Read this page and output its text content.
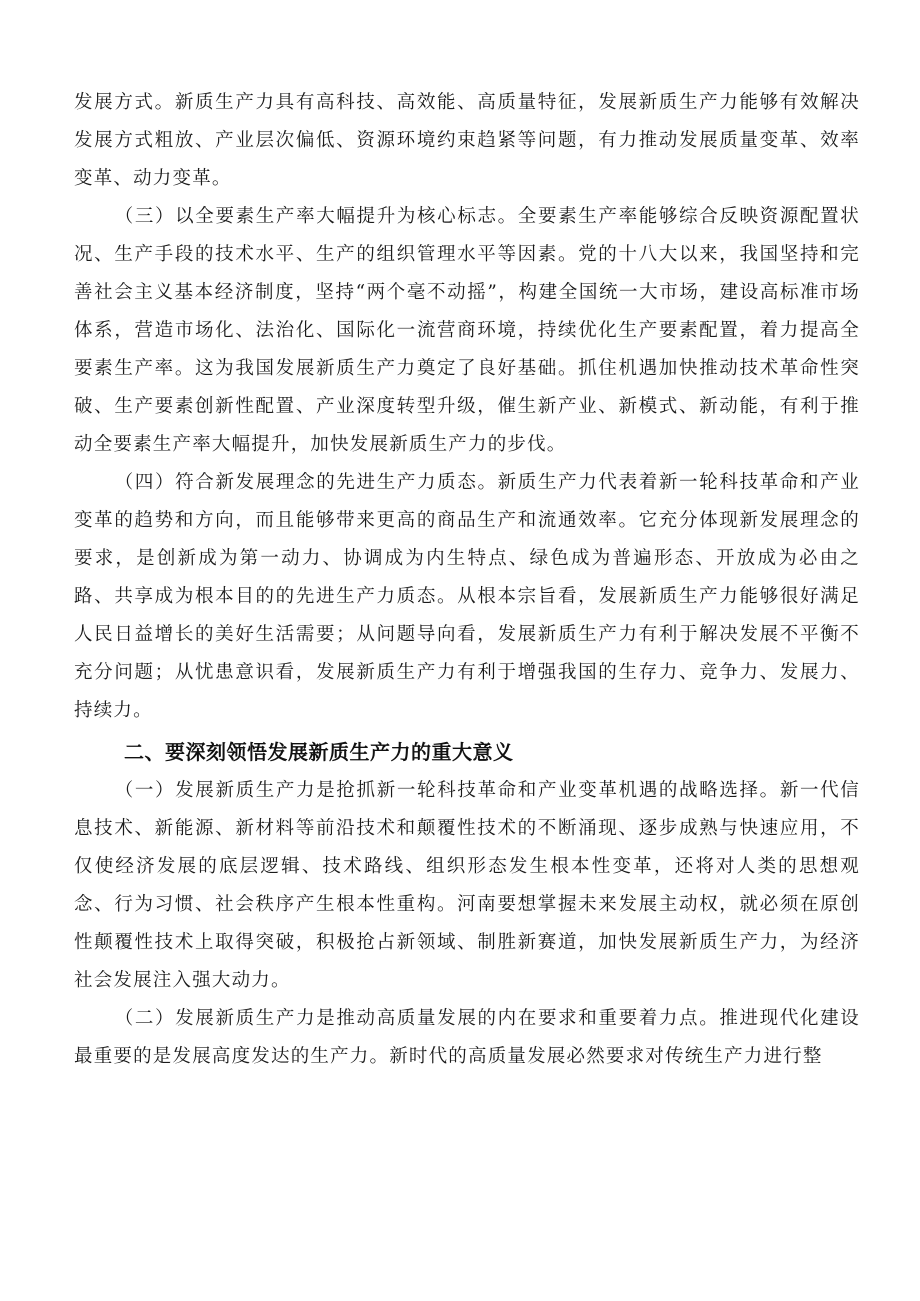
发展方式。新质生产力具有高科技、高效能、高质量特征，发展新质生产力能够有效解决发展方式粗放、产业层次偏低、资源环境约束趋紧等问题，有力推动发展质量变革、效率变革、动力变革。

（三）以全要素生产率大幅提升为核心标志。全要素生产率能够综合反映资源配置状况、生产手段的技术水平、生产的组织管理水平等因素。党的十八大以来，我国坚持和完善社会主义基本经济制度，坚持“两个毫不动摇”，构建全国统一大市场，建设高标准市场体系，营造市场化、法治化、国际化一流营商环境，持续优化生产要素配置，着力提高全要素生产率。这为我国发展新质生产力奠定了良好基础。抓住机遇加快推动技术革命性突破、生产要素创新性配置、产业深度转型升级，催生新产业、新模式、新动能，有利于推动全要素生产率大幅提升，加快发展新质生产力的步伐。

（四）符合新发展理念的先进生产力质态。新质生产力代表着新一轮科技革命和产业变革的趋势和方向，而且能够带来更高的商品生产和流通效率。它充分体现新发展理念的要求，是创新成为第一动力、协调成为内生特点、绿色成为普遍形态、开放成为必由之路、共享成为根本目的的先进生产力质态。从根本宗旨看，发展新质生产力能够很好满足人民日益增长的美好生活需要；从问题导向看，发展新质生产力有利于解决发展不平衡不充分问题；从忧患意识看，发展新质生产力有利于增强我国的生存力、竞争力、发展力、持续力。

二、要深刻领悟发展新质生产力的重大意义

（一）发展新质生产力是抢抓新一轮科技革命和产业变革机遇的战略选择。新一代信息技术、新能源、新材料等前沿技术和颠覆性技术的不断涌现、逐步成熟与快速应用，不仅使经济发展的底层逻辑、技术路线、组织形态发生根本性变革，还将对人类的思想观念、行为习惯、社会秩序产生根本性重构。河南要想掌握未来发展主动权，就必须在原创性颠覆性技术上取得突破，积极抢占新领域、制胜新赛道，加快发展新质生产力，为经济社会发展注入强大动力。

（二）发展新质生产力是推动高质量发展的内在要求和重要着力点。推进现代化建设最重要的是发展高度发达的生产力。新时代的高质量发展必然要求对传统生产力进行整
